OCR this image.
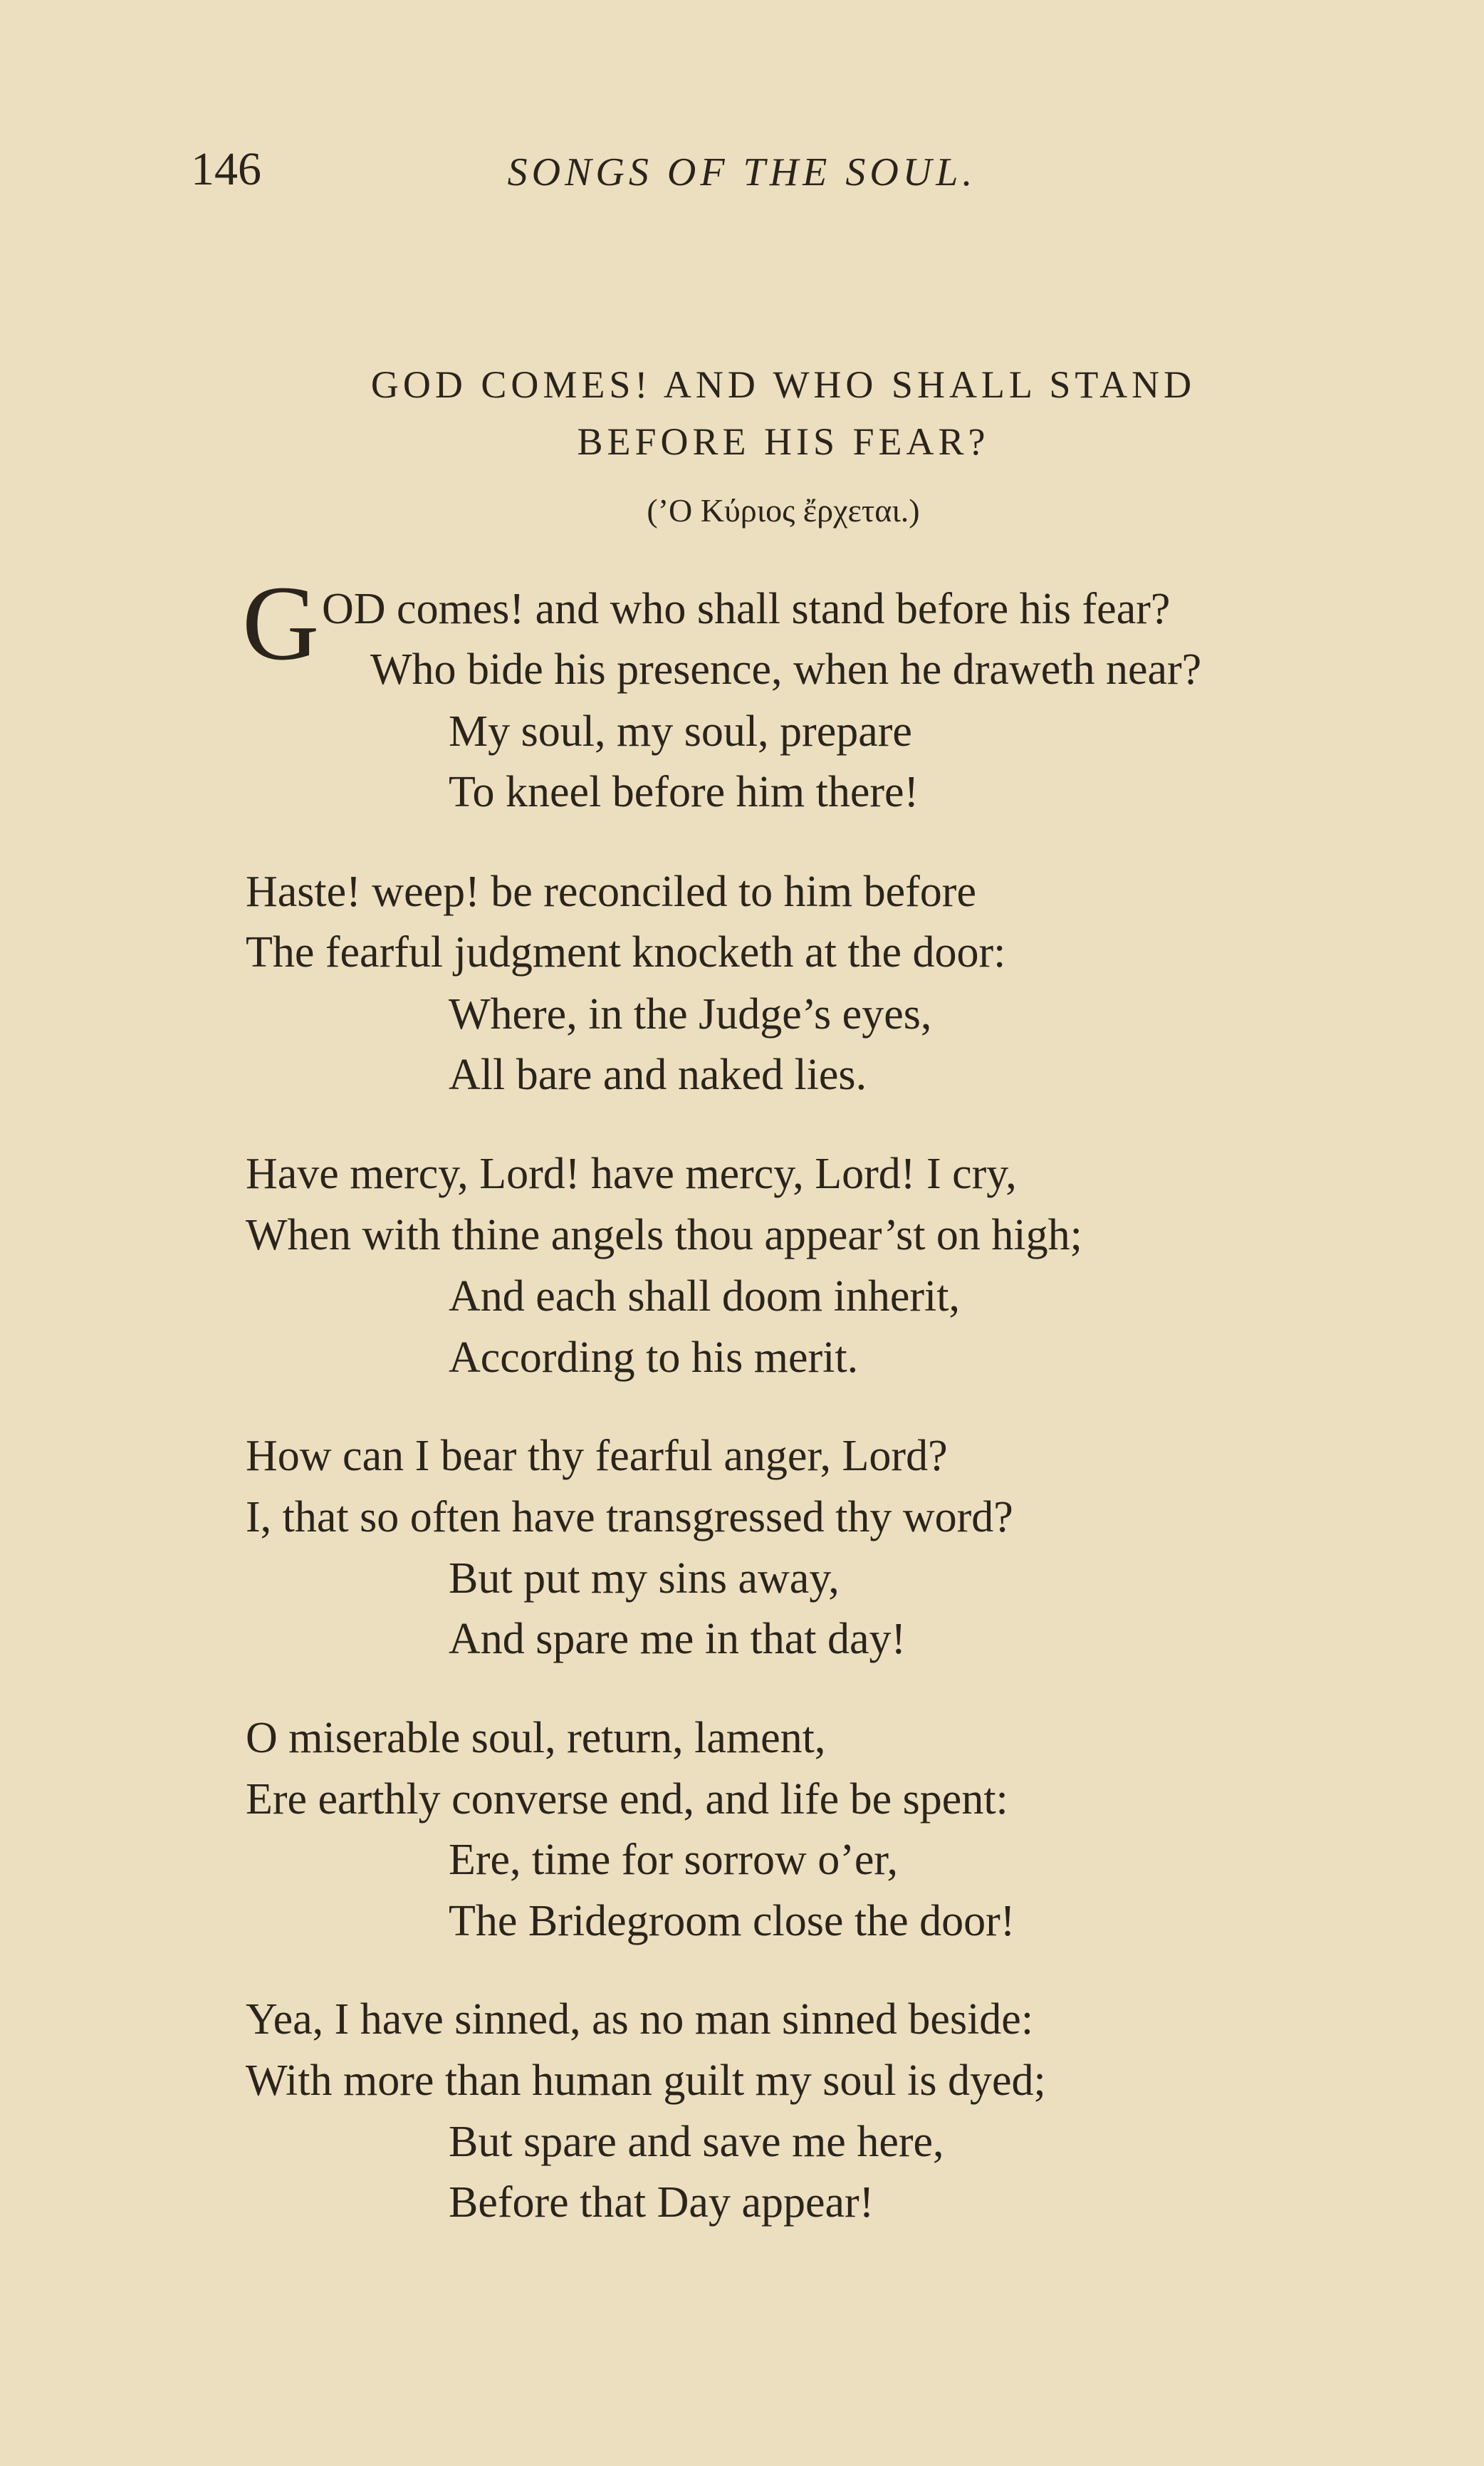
146	SONGS OF THE SOUL.
GOD COMES! AND WHO SHALL STAND
BEFORE HIS FEAR?
(’O Κύριος ἔρχεται.)
G OD comes! and who shall stand before his fear?
Who bide his presence, when he draweth near?
My soul, my soul, prepare
To kneel before him there!
Haste! weep! be reconciled to him before
The fearful judgment knocketh at the door:
Where, in the Judge’s eyes,
All bare and naked lies.
Have mercy, Lord! have mercy, Lord! I cry,
When with thine angels thou appear’st on high;
And each shall doom inherit,
According to his merit.
How can I bear thy fearful anger, Lord?
I, that so often have transgressed thy word?
But put my sins away,
And spare me in that day!
O miserable soul, return, lament,
Ere earthly converse end, and life be spent:
Ere, time for sorrow o’er,
The Bridegroom close the door!
Yea, I have sinned, as no man sinned beside:
With more than human guilt my soul is dyed;
But spare and save me here,
Before that Day appear!
